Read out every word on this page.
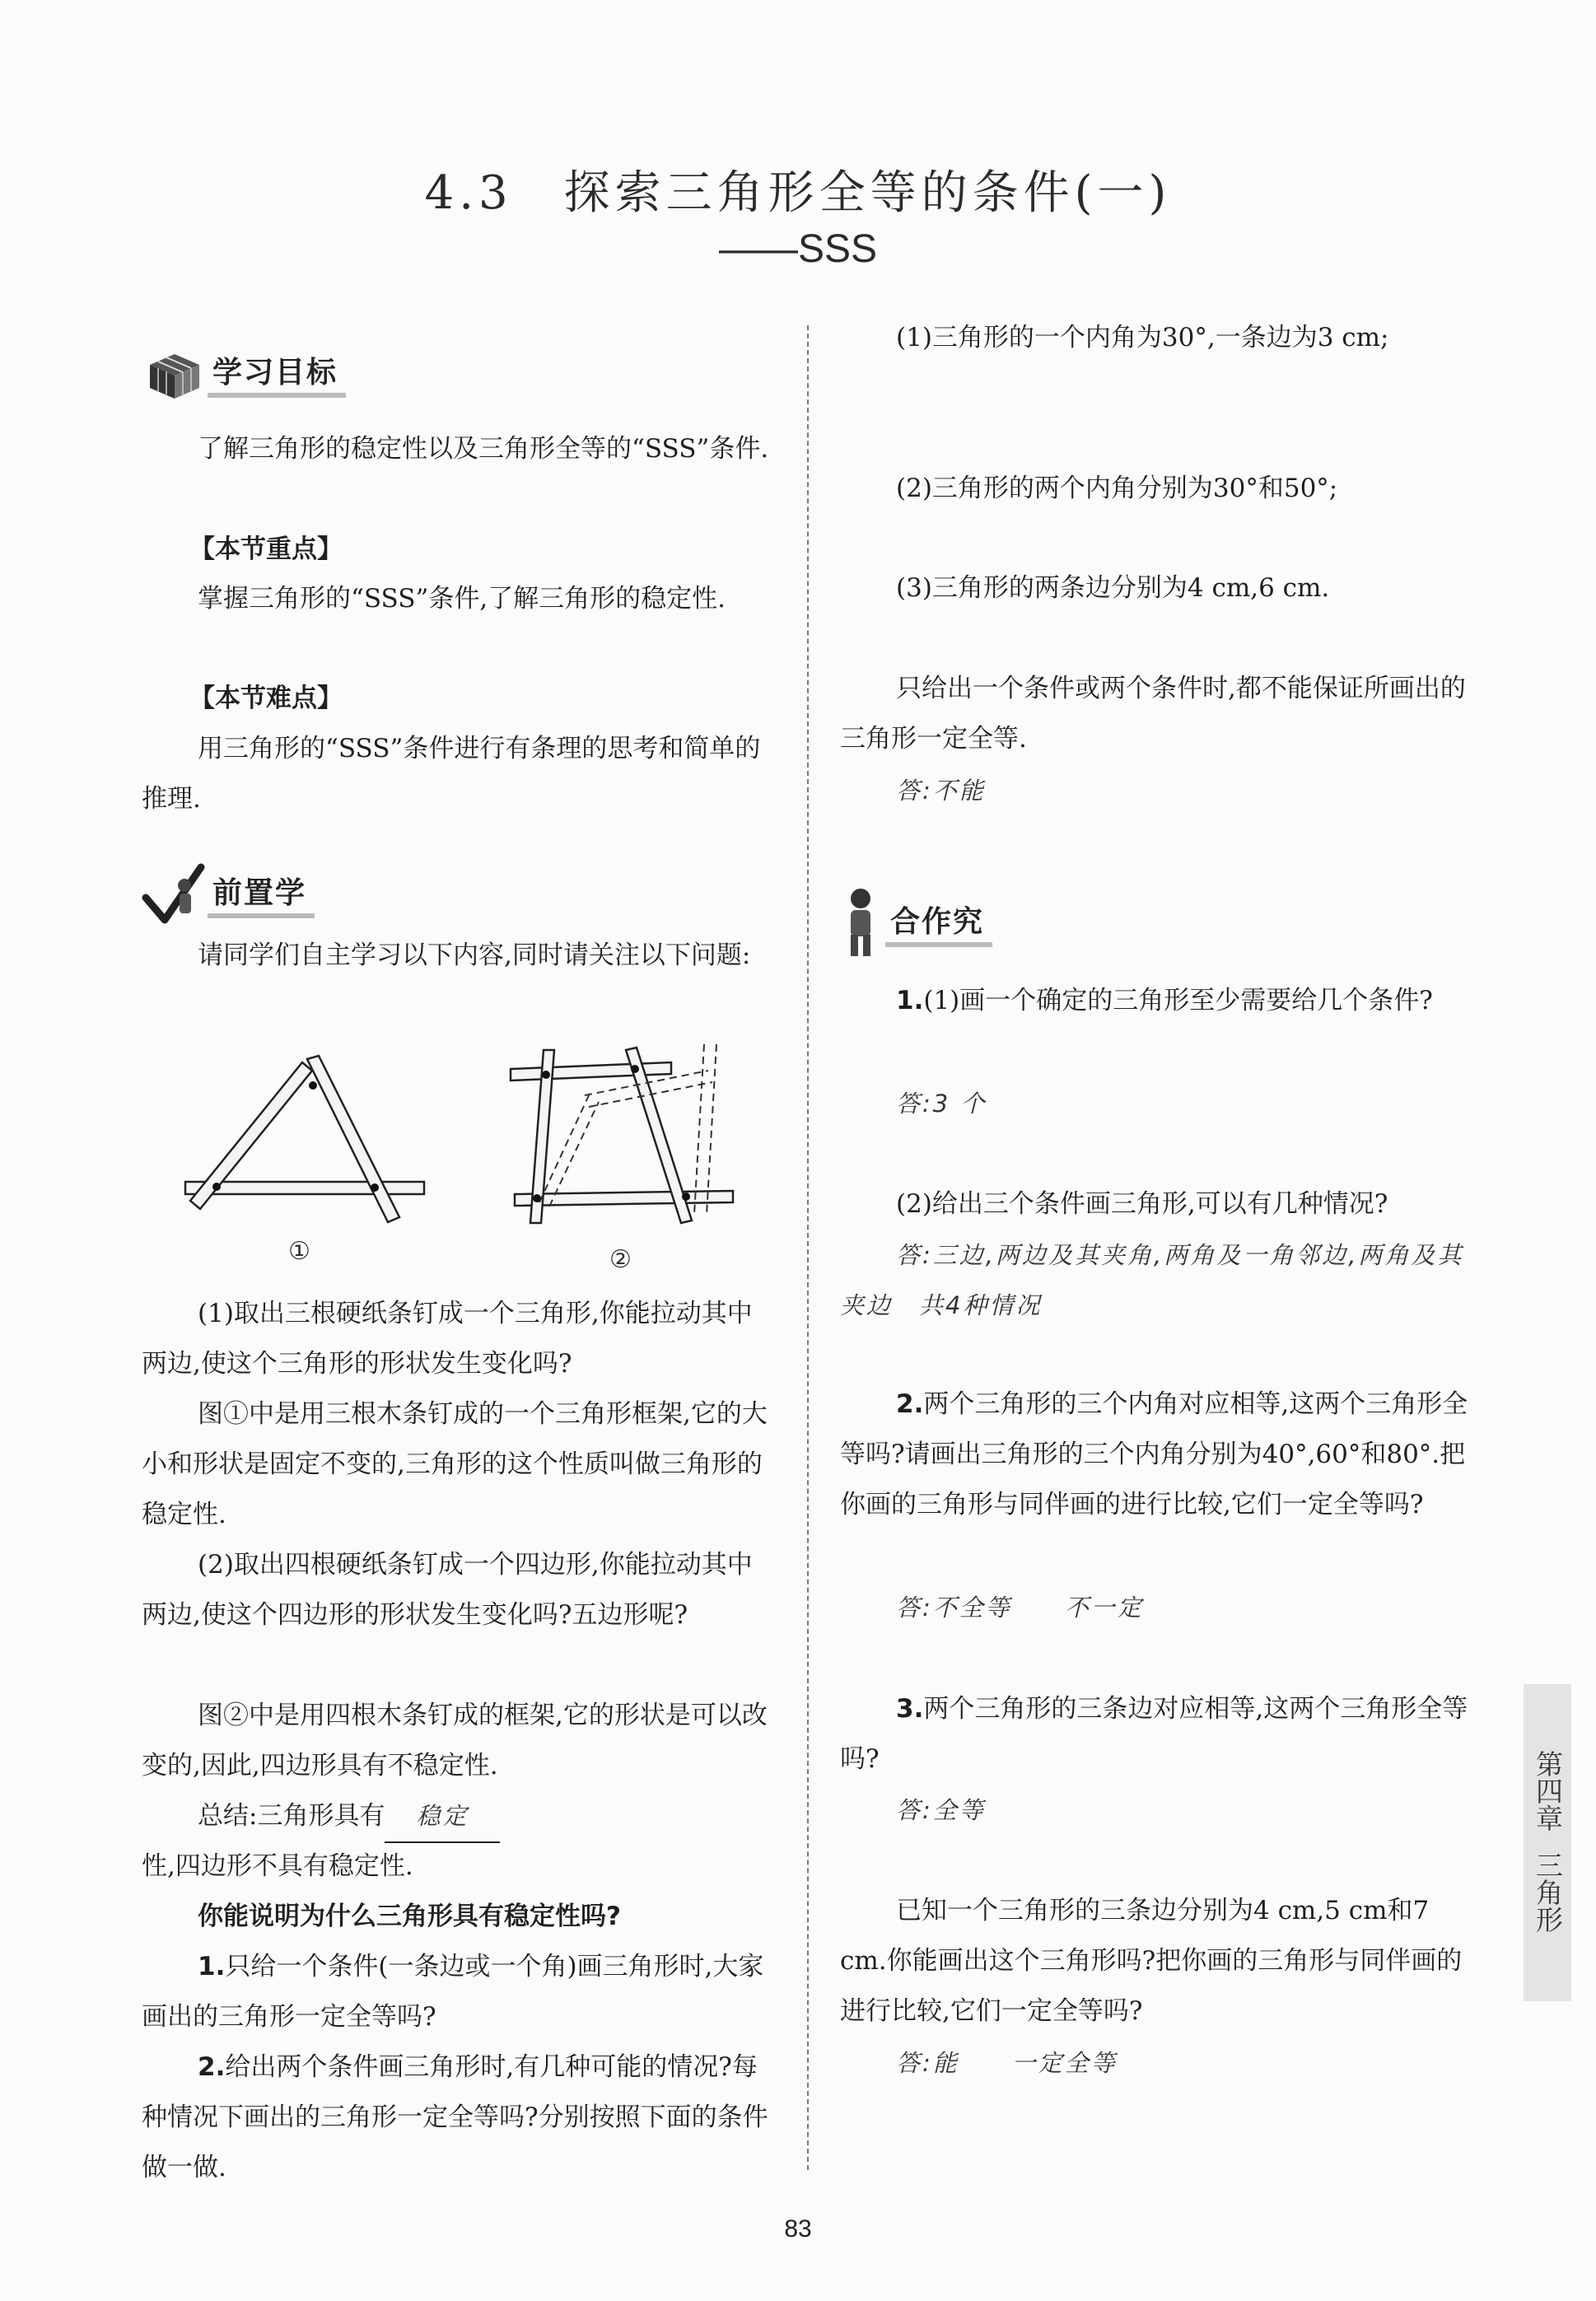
4.3　探索三角形全等的条件(一)
——SSS
学习目标

了解三角形的稳定性以及三角形全等的“SSS”条件.

【本节重点】

掌握三角形的“SSS”条件,了解三角形的稳定性.

【本节难点】

用三角形的“SSS”条件进行有条理的思考和简单的推理.

前置学

请同学们自主学习以下内容,同时请关注以下问题:

①	②

(1)取出三根硬纸条钉成一个三角形,你能拉动其中两边,使这个三角形的形状发生变化吗?

图①中是用三根木条钉成的一个三角形框架,它的大小和形状是固定不变的,三角形的这个性质叫做三角形的稳定性.

(2)取出四根硬纸条钉成一个四边形,你能拉动其中两边,使这个四边形的形状发生变化吗?五边形呢?

图②中是用四根木条钉成的框架,它的形状是可以改变的,因此,四边形具有不稳定性.

总结:三角形具有 稳定

性,四边形不具有稳定性.

你能说明为什么三角形具有稳定性吗?

1.只给一个条件(一条边或一个角)画三角形时,大家画出的三角形一定全等吗?

2.给出两个条件画三角形时,有几种可能的情况?每种情况下画出的三角形一定全等吗?分别按照下面的条件做一做.

(1)三角形的一个内角为30°,一条边为3 cm;

(2)三角形的两个内角分别为30°和50°;

(3)三角形的两条边分别为4 cm,6 cm.

只给出一个条件或两个条件时,都不能保证所画出的三角形一定全等.

答:不能

合作究

1.(1)画一个确定的三角形至少需要给几个条件?

答:3 个

(2)给出三个条件画三角形,可以有几种情况?

答:三边,两边及其夹角,两角及一角邻边,两角及其夹边　共4种情况

2.两个三角形的三个内角对应相等,这两个三角形全等吗?请画出三角形的三个内角分别为40°,60°和80°.把你画的三角形与同伴画的进行比较,它们一定全等吗?

答:不全等　　不一定

3.两个三角形的三条边对应相等,这两个三角形全等吗?

答:全等

已知一个三角形的三条边分别为4 cm,5 cm和7 cm.你能画出这个三角形吗?把你画的三角形与同伴画的进行比较,它们一定全等吗?

答:能　　一定全等

第四章
三角形
83
